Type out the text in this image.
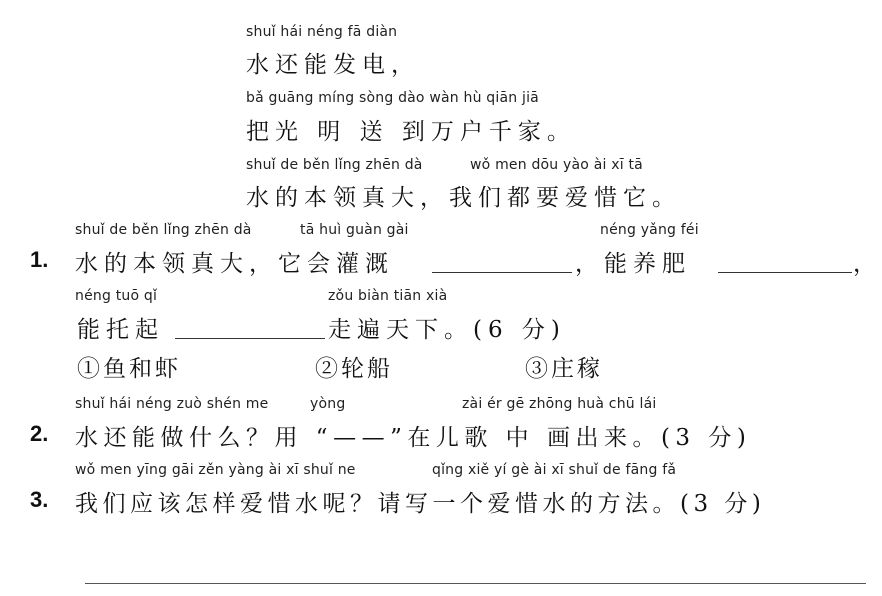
shuǐ hái néng fā diàn
水还能发电，
bǎ guāng míng sòng dào wàn hù qiān jiā
把光 明 送 到万户千家。
shuǐ de běn lǐng zhēn dà	wǒ men dōu yào ài xī tā
水的本领真大，我们都要爱惜它。
shuǐ de běn lǐng zhēn dà	tā huì guàn gài	néng yǎng féi
1. 水的本领真大，它会灌溉	，能养肥	，
néng tuō qǐ	zǒu biàn tiān xià
能托起	走遍天下。(6 分)
①鱼和虾	②轮船	③庄稼
shuǐ hái néng zuò shén me	yòng	zài ér gē zhōng huà chū lái
2. 水还能做什么？用 “——”在儿歌 中 画出来。(3 分)
wǒ men yīng gāi zěn yàng ài xī shuǐ ne	qǐng xiě yí gè ài xī shuǐ de fāng fǎ
3. 我们应该怎样爱惜水呢？请写一个爱惜水的方法。(3 分)
